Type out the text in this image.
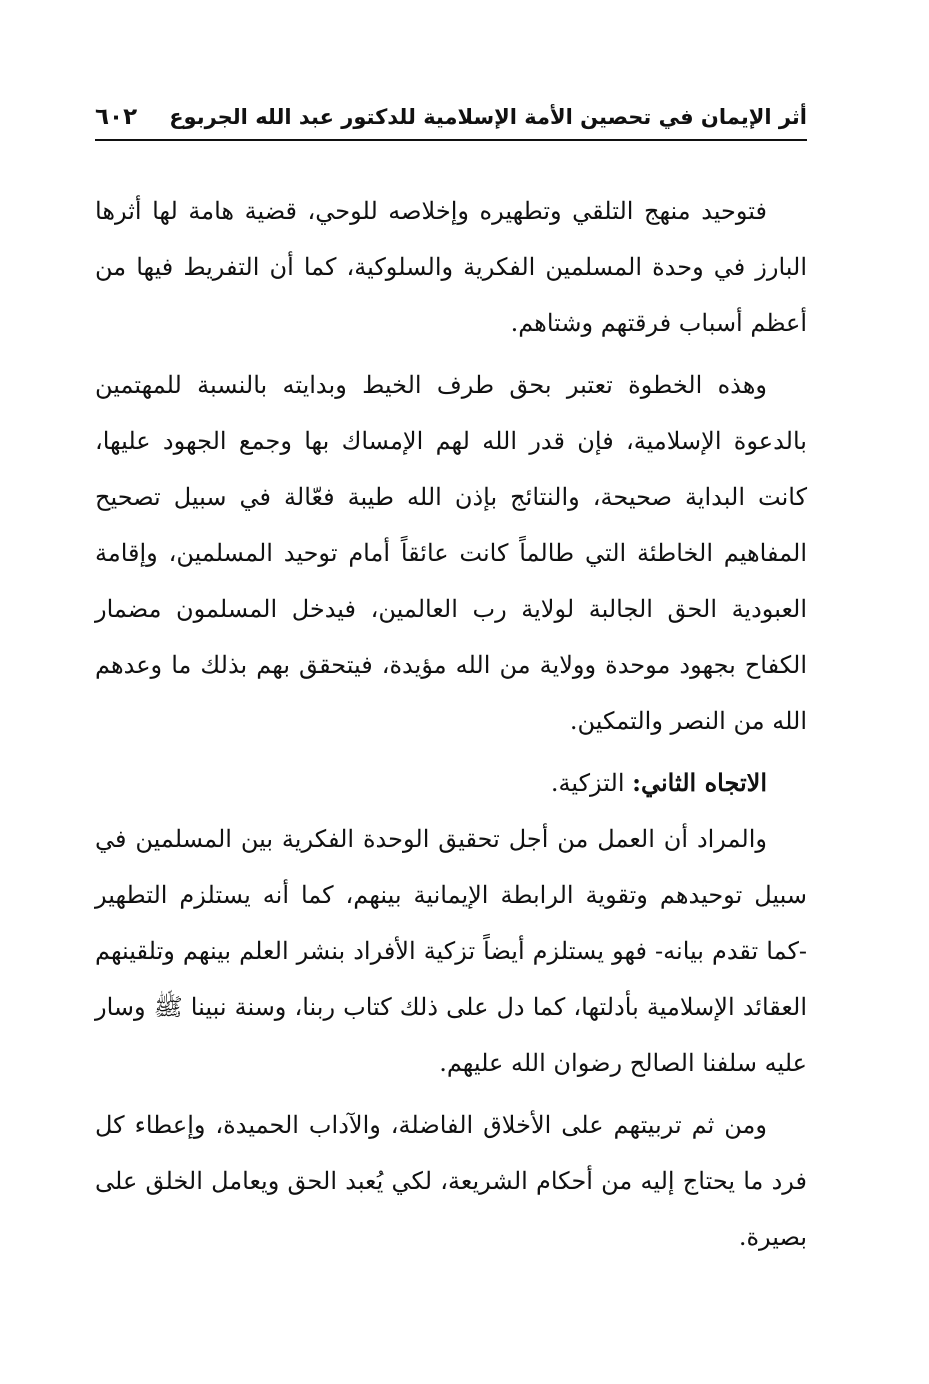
أثر الإيمان في تحصين الأمة الإسلامية للدكتور عبد الله الجربوع
٦٠٢

فتوحيد منهج التلقي وتطهيره وإخلاصه للوحي، قضية هامة لها أثرها البارز في وحدة المسلمين الفكرية والسلوكية، كما أن التفريط فيها من أعظم أسباب فرقتهم وشتاهم.

وهذه الخطوة تعتبر بحق طرف الخيط وبدايته بالنسبة للمهتمين بالدعوة الإسلامية، فإن قدر الله لهم الإمساك بها وجمع الجهود عليها، كانت البداية صحيحة، والنتائج بإذن الله طيبة فعّالة في سبيل تصحيح المفاهيم الخاطئة التي طالماً كانت عائقاً أمام توحيد المسلمين، وإقامة العبودية الحق الجالبة لولاية رب العالمين، فيدخل المسلمون مضمار الكفاح بجهود موحدة وولاية من الله مؤيدة، فيتحقق بهم بذلك ما وعدهم الله من النصر والتمكين.

الاتجاه الثاني: التزكية.

والمراد أن العمل من أجل تحقيق الوحدة الفكرية بين المسلمين في سبيل توحيدهم وتقوية الرابطة الإيمانية بينهم، كما أنه يستلزم التطهير -كما تقدم بيانه- فهو يستلزم أيضاً تزكية الأفراد بنشر العلم بينهم وتلقينهم العقائد الإسلامية بأدلتها، كما دل على ذلك كتاب ربنا، وسنة نبينا ﷺ وسار عليه سلفنا الصالح رضوان الله عليهم.

ومن ثم تربيتهم على الأخلاق الفاضلة، والآداب الحميدة، وإعطاء كل فرد ما يحتاج إليه من أحكام الشريعة، لكي يُعبد الحق ويعامل الخلق على بصيرة.
